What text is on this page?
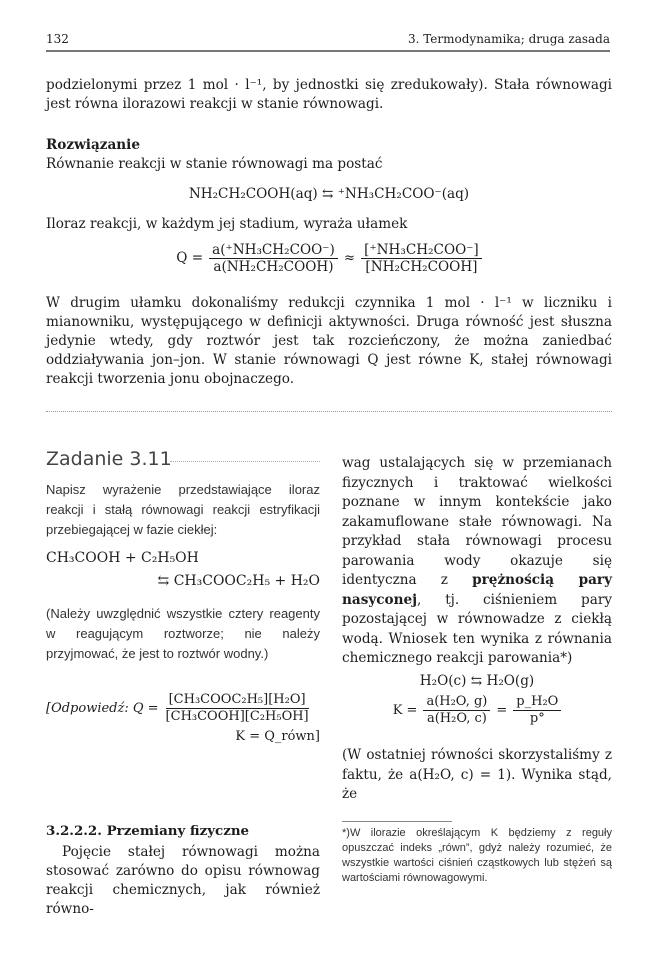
132	3. Termodynamika; druga zasada

podzielonymi przez 1 mol · l⁻¹, by jednostki się zredukowały). Stała równowagi jest równa ilorazowi reakcji w stanie równowagi.

Rozwiązanie

Równanie reakcji w stanie równowagi ma postać

NH₂CH₂COOH(aq) ⇆ ⁺NH₃CH₂COO⁻(aq)

Iloraz reakcji, w każdym jej stadium, wyraża ułamek

$Q = \frac{\text{a(⁺NH₃CH₂COO⁻)}}{\text{a(NH₂CH₂COOH)}} \approx \frac{\text{[⁺NH₃CH₂COO⁻]}}{\text{[NH₂CH₂COOH]}}$

W drugim ułamku dokonaliśmy redukcji czynnika 1 mol · l⁻¹ w liczniku i mianowniku, występującego w definicji aktywności. Druga równość jest słuszna jedynie wtedy, gdy roztwór jest tak rozcieńczony, że można zaniedbać oddziaływania jon–jon. W stanie równowagi Q jest równe K, stałej równowagi reakcji tworzenia jonu obojnaczego.

Zadanie 3.11

Napisz wyrażenie przedstawiające iloraz reakcji i stałą równowagi reakcji estryfikacji przebiegającej w fazie ciekłej:

CH₃COOH + C₂H₅OH

⇆ CH₃COOC₂H₅ + H₂O

(Należy uwzględnić wszystkie cztery reagenty w reagującym roztworze; nie należy przyjmować, że jest to roztwór wodny.)

[Odpowiedź: $Q = \frac{\text{[CH₃COOC₂H₅][H₂O]}}{\text{[CH₃COOH][C₂H₅OH]}}$
K = Q_równ]

3.2.2.2. Przemiany fizyczne

Pojęcie stałej równowagi można stosować zarówno do opisu równowag reakcji chemicznych, jak również równo-

wag ustalających się w przemianach fizycznych i traktować wielkości poznane w innym kontekście jako zakamuflowane stałe równowagi. Na przykład stała równowagi procesu parowania wody okazuje się identyczna z prężnością pary nasyconej, tj. ciśnieniem pary pozostającej w równowadze z ciekłą wodą. Wniosek ten wynika z równania chemicznego reakcji parowania*)

H₂O(c) ⇆ H₂O(g)

$K = \frac{\text{a(H₂O, g)}}{\text{a(H₂O, c)}} = \frac{\text{p\_H₂O}}{p^\circ}$

(W ostatniej równości skorzystaliśmy z faktu, że a(H₂O, c) = 1). Wynika stąd, że

*)W ilorazie określającym K będziemy z reguły opuszczać indeks „równ”, gdyż należy rozumieć, że wszystkie wartości ciśnień cząstkowych lub stężeń są wartościami równowagowymi.
